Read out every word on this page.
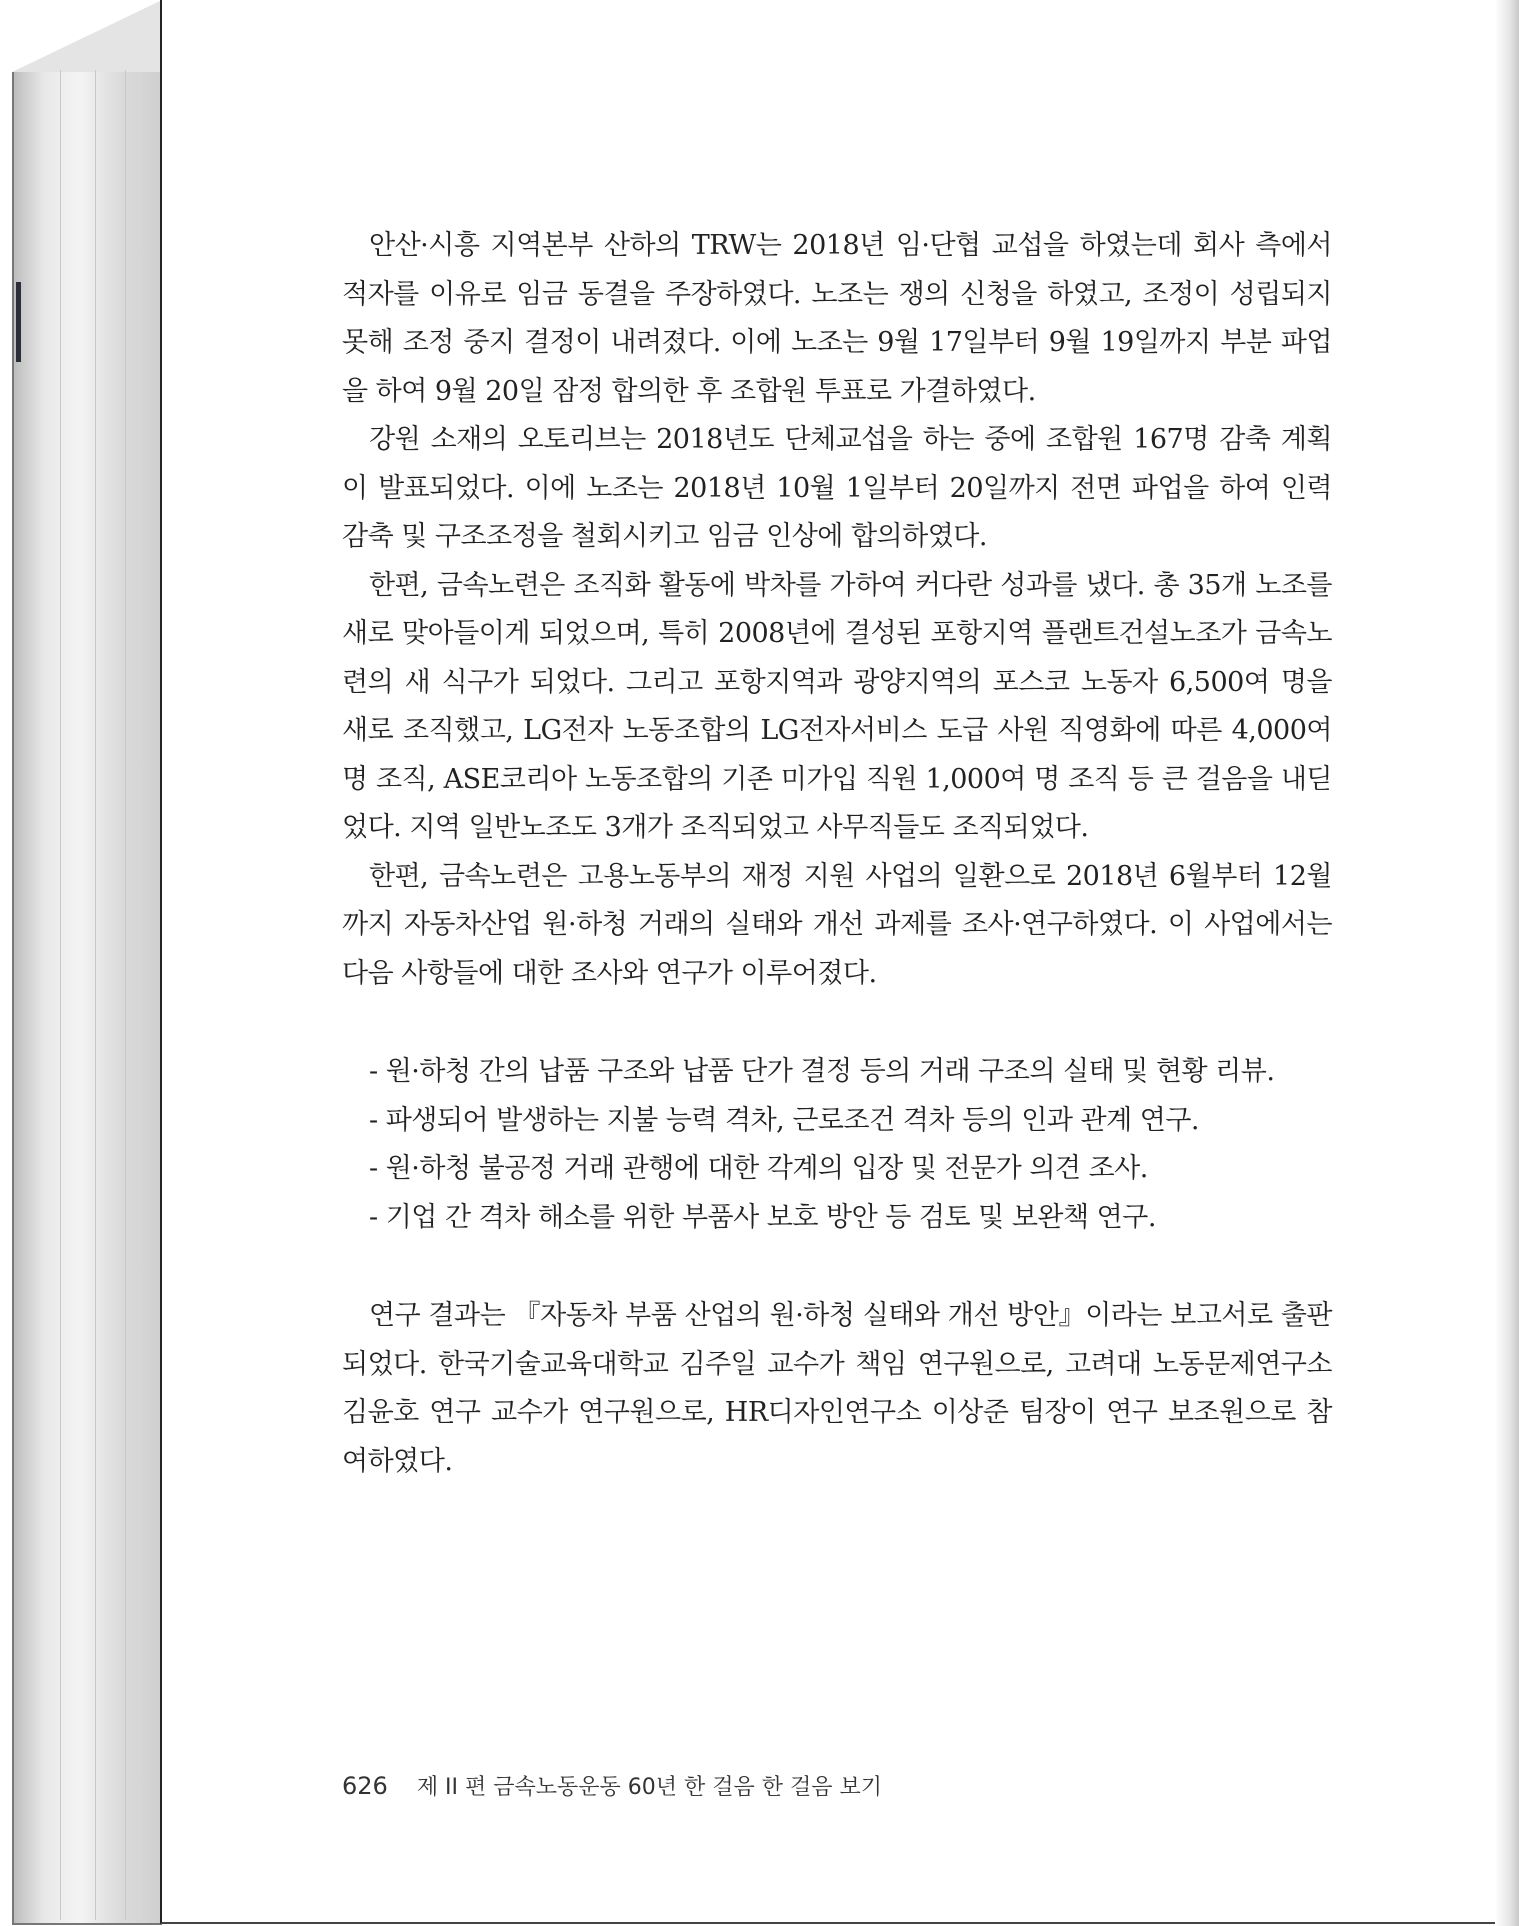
안산·시흥 지역본부 산하의 TRW는 2018년 임·단협 교섭을 하였는데 회사 측에서 적자를 이유로 임금 동결을 주장하였다. 노조는 쟁의 신청을 하였고, 조정이 성립되지 못해 조정 중지 결정이 내려졌다. 이에 노조는 9월 17일부터 9월 19일까지 부분 파업을 하여 9월 20일 잠정 합의한 후 조합원 투표로 가결하였다.

강원 소재의 오토리브는 2018년도 단체교섭을 하는 중에 조합원 167명 감축 계획이 발표되었다. 이에 노조는 2018년 10월 1일부터 20일까지 전면 파업을 하여 인력 감축 및 구조조정을 철회시키고 임금 인상에 합의하였다.

한편, 금속노련은 조직화 활동에 박차를 가하여 커다란 성과를 냈다. 총 35개 노조를 새로 맞아들이게 되었으며, 특히 2008년에 결성된 포항지역 플랜트건설노조가 금속노련의 새 식구가 되었다. 그리고 포항지역과 광양지역의 포스코 노동자 6,500여 명을 새로 조직했고, LG전자 노동조합의 LG전자서비스 도급 사원 직영화에 따른 4,000여 명 조직, ASE코리아 노동조합의 기존 미가입 직원 1,000여 명 조직 등 큰 걸음을 내딛었다. 지역 일반노조도 3개가 조직되었고 사무직들도 조직되었다.

한편, 금속노련은 고용노동부의 재정 지원 사업의 일환으로 2018년 6월부터 12월까지 자동차산업 원·하청 거래의 실태와 개선 과제를 조사·연구하였다. 이 사업에서는 다음 사항들에 대한 조사와 연구가 이루어졌다.

- 원·하청 간의 납품 구조와 납품 단가 결정 등의 거래 구조의 실태 및 현황 리뷰.
- 파생되어 발생하는 지불 능력 격차, 근로조건 격차 등의 인과 관계 연구.
- 원·하청 불공정 거래 관행에 대한 각계의 입장 및 전문가 의견 조사.
- 기업 간 격차 해소를 위한 부품사 보호 방안 등 검토 및 보완책 연구.

연구 결과는 『자동차 부품 산업의 원·하청 실태와 개선 방안』이라는 보고서로 출판되었다. 한국기술교육대학교 김주일 교수가 책임 연구원으로, 고려대 노동문제연구소 김윤호 연구 교수가 연구원으로, HR디자인연구소 이상준 팀장이 연구 보조원으로 참여하였다.

626 제 II 편 금속노동운동 60년 한 걸음 한 걸음 보기
